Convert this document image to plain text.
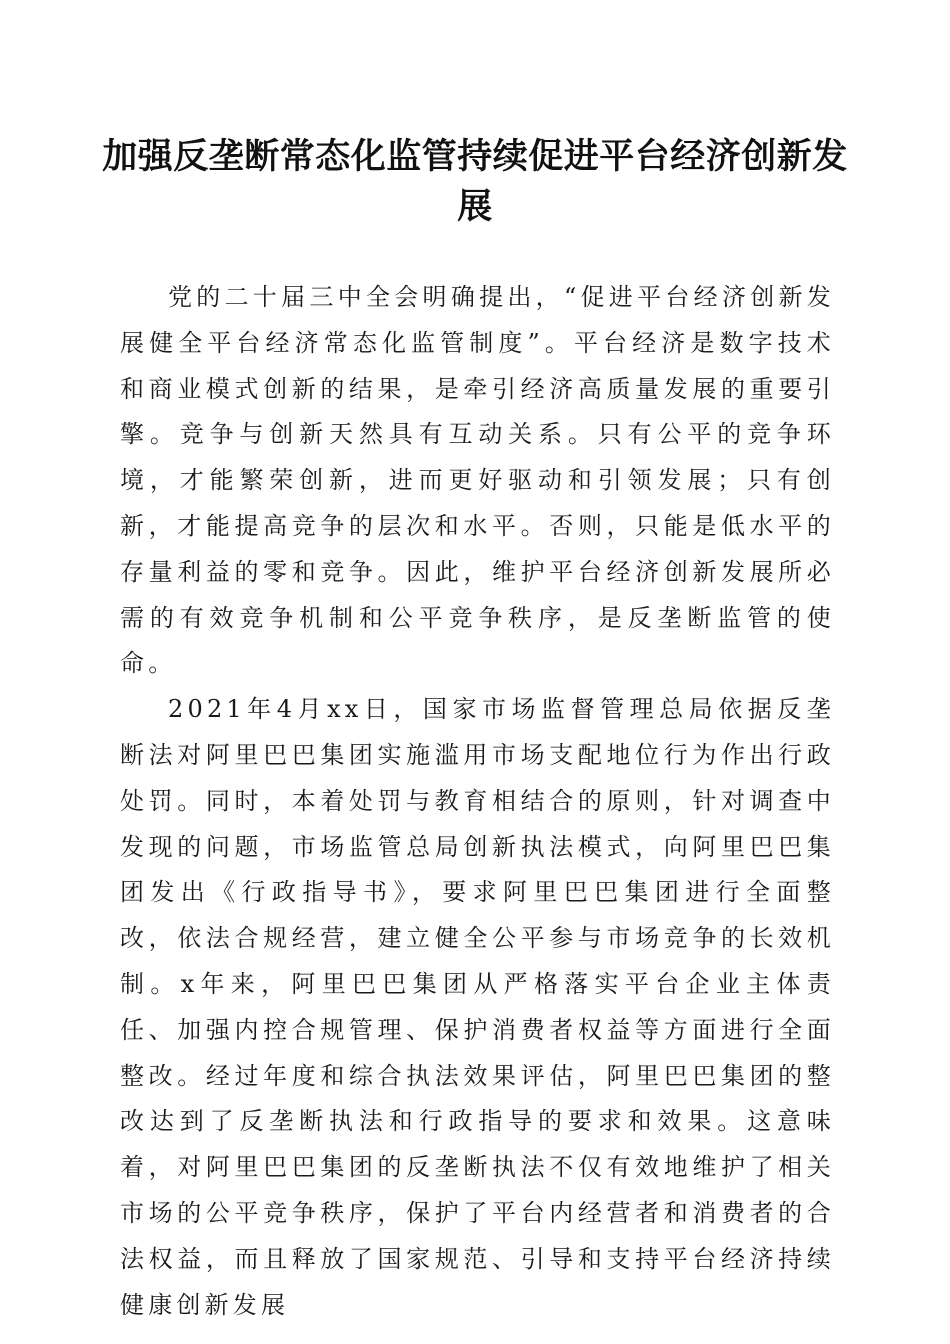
加强反垄断常态化监管持续促进平台经济创新发展

党的二十届三中全会明确提出，“促进平台经济创新发展健全平台经济常态化监管制度”。平台经济是数字技术和商业模式创新的结果，是牵引经济高质量发展的重要引擎。竞争与创新天然具有互动关系。只有公平的竞争环境，才能繁荣创新，进而更好驱动和引领发展；只有创新，才能提高竞争的层次和水平。否则，只能是低水平的存量利益的零和竞争。因此，维护平台经济创新发展所必需的有效竞争机制和公平竞争秩序，是反垄断监管的使命。

2021年4月xx日，国家市场监督管理总局依据反垄断法对阿里巴巴集团实施滥用市场支配地位行为作出行政处罚。同时，本着处罚与教育相结合的原则，针对调查中发现的问题，市场监管总局创新执法模式，向阿里巴巴集团发出《行政指导书》，要求阿里巴巴集团进行全面整改，依法合规经营，建立健全公平参与市场竞争的长效机制。x年来，阿里巴巴集团从严格落实平台企业主体责任、加强内控合规管理、保护消费者权益等方面进行全面整改。经过年度和综合执法效果评估，阿里巴巴集团的整改达到了反垄断执法和行政指导的要求和效果。这意味着，对阿里巴巴集团的反垄断执法不仅有效地维护了相关市场的公平竞争秩序，保护了平台内经营者和消费者的合法权益，而且释放了国家规范、引导和支持平台经济持续健康创新发展
